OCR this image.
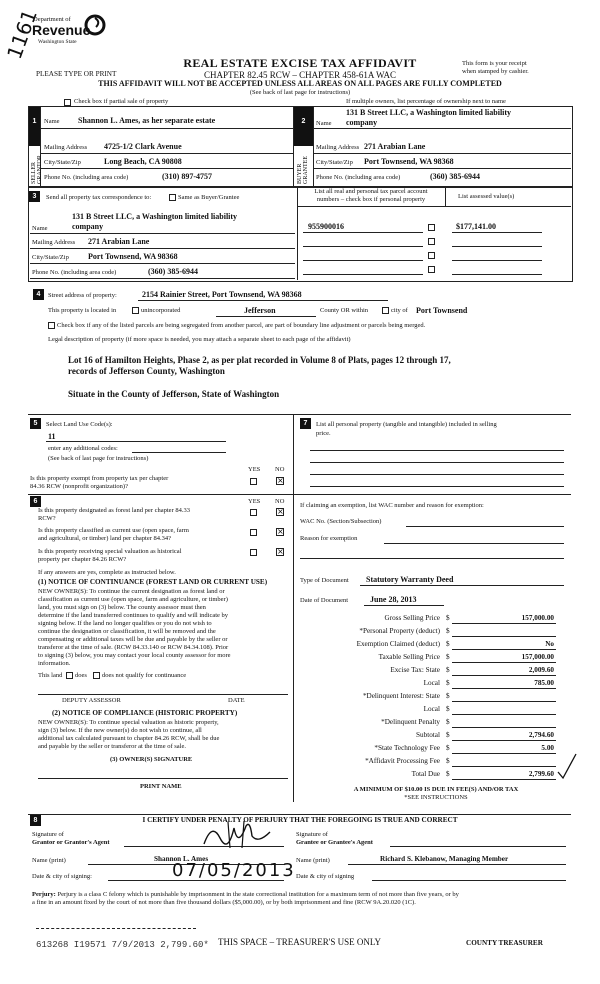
Department of
Revenue
Washington State
1161
PLEASE TYPE OR PRINT
REAL ESTATE EXCISE TAX AFFIDAVIT
CHAPTER 82.45 RCW – CHAPTER 458-61A WAC
THIS AFFIDAVIT WILL NOT BE ACCEPTED UNLESS ALL AREAS ON ALL PAGES ARE FULLY COMPLETED
(See back of last page for instructions)
This form is your receipt
when stamped by cashier.
Check box if partial sale of property	If multiple owners, list percentage of ownership next to name
1
SELLER GRANTOR
Name Shannon L. Ames, as her separate estate
Mailing Address 4725-1/2 Clark Avenue
City/State/Zip	Long Beach, CA 90808
Phone No. (including area code)	(310) 897-4757
2
BUYER GRANTEE
Name
131 B Street LLC, a Washington limited liability
company
Mailing Address 271 Arabian Lane
City/State/Zip Port Townsend, WA 98368
Phone No. (including area code)	(360) 385-6944
3	Send all property tax correspondence to:	Same as Buyer/Grantee
131 B Street LLC, a Washington limited liability
Name	company
Mailing Address 271 Arabian Lane
City/State/Zip Port Townsend, WA 98368
Phone No. (including area code)	(360) 385-6944
List all real and personal tax parcel account
numbers – check box if personal property	List assessed value(s)
955900016	$177,141.00
4	Street address of property:	2154 Rainier Street, Port Townsend, WA 98368
This property is located in	unincorporated	Jefferson	County OR within	city of Port Townsend
Check box if any of the listed parcels are being segregated from another parcel, are part of boundary line adjustment or parcels being merged.
Legal description of property (if more space is needed, you may attach a separate sheet to each page of the affidavit)
Lot 16 of Hamilton Heights, Phase 2, as per plat recorded in Volume 8 of Plats, pages 12 through 17,
records of Jefferson County, Washington
Situate in the County of Jefferson, State of Washington
5	Select Land Use Code(s):
11
enter any additional codes:
(See back of last page for instructions)
YES NO
Is this property exempt from property tax per chapter
84.36 RCW (nonprofit organization)?
×
7	List all personal property (tangible and intangible) included in selling
price.
6	YES NO
Is this property designated as forest land per chapter 84.33
RCW?
×
Is this property classified as current use (open space, farm
and agricultural, or timber) land per chapter 84.34?
×
Is this property receiving special valuation as historical
property per chapter 84.26 RCW?
×
If any answers are yes, complete as instructed below.
(1) NOTICE OF CONTINUANCE (FOREST LAND OR CURRENT USE)
NEW OWNER(S): To continue the current designation as forest land or
classification as current use (open space, farm and agriculture, or timber)
land, you must sign on (3) below. The county assessor must then
determine if the land transferred continues to qualify and will indicate by
signing below. If the land no longer qualifies or you do not wish to
continue the designation or classification, it will be removed and the
compensating or additional taxes will be due and payable by the seller or
transferor at the time of sale. (RCW 84.33.140 or RCW 84.34.108). Prior
to signing (3) below, you may contact your local county assessor for more
information.
This land does does not qualify for continuance
DEPUTY ASSESSOR	DATE
(2) NOTICE OF COMPLIANCE (HISTORIC PROPERTY)
NEW OWNER(S): To continue special valuation as historic property,
sign (3) below. If the new owner(s) do not wish to continue, all
additional tax calculated pursuant to chapter 84.26 RCW, shall be due
and payable by the seller or transferor at the time of sale.
(3) OWNER(S) SIGNATURE
PRINT NAME
If claiming an exemption, list WAC number and reason for exemption:
WAC No. (Section/Subsection)
Reason for exemption
Type of Document Statutory Warranty Deed
Date of Document	June 28, 2013
Gross Selling Price $	157,000.00
*Personal Property (deduct) $
Exemption Claimed (deduct) $	No
Taxable Selling Price $	157,000.00
Excise Tax: State $	2,009.60
Local $	785.00
*Delinquent Interest: State $
Local $
*Delinquent Penalty $
Subtotal $	2,794.60
*State Technology Fee $	5.00
*Affidavit Processing Fee $
Total Due $	2,799.60
A MINIMUM OF $10.00 IS DUE IN FEE(S) AND/OR TAX
*SEE INSTRUCTIONS
8	I CERTIFY UNDER PENALTY OF PERJURY THAT THE FOREGOING IS TRUE AND CORRECT
Signature of
Grantor or Grantor's Agent
Signature of
Grantee or Grantee's Agent
Name (print)	Shannon L. Ames	Name (print)	Richard S. Klebanow, Managing Member
Date & city of signing:	07/05/2013 Date & city of signing
Perjury: Perjury is a class C felony which is punishable by imprisonment in the state correctional institution for a maximum term of not more than five years, or by
a fine in an amount fixed by the court of not more than five thousand dollars ($5,000.00), or by both imprisonment and fine (RCW 9A.20.020 (1C).
613268 I19571 7/9/2013 2,799.60* THIS SPACE – TREASURER'S USE ONLY	COUNTY TREASURER
